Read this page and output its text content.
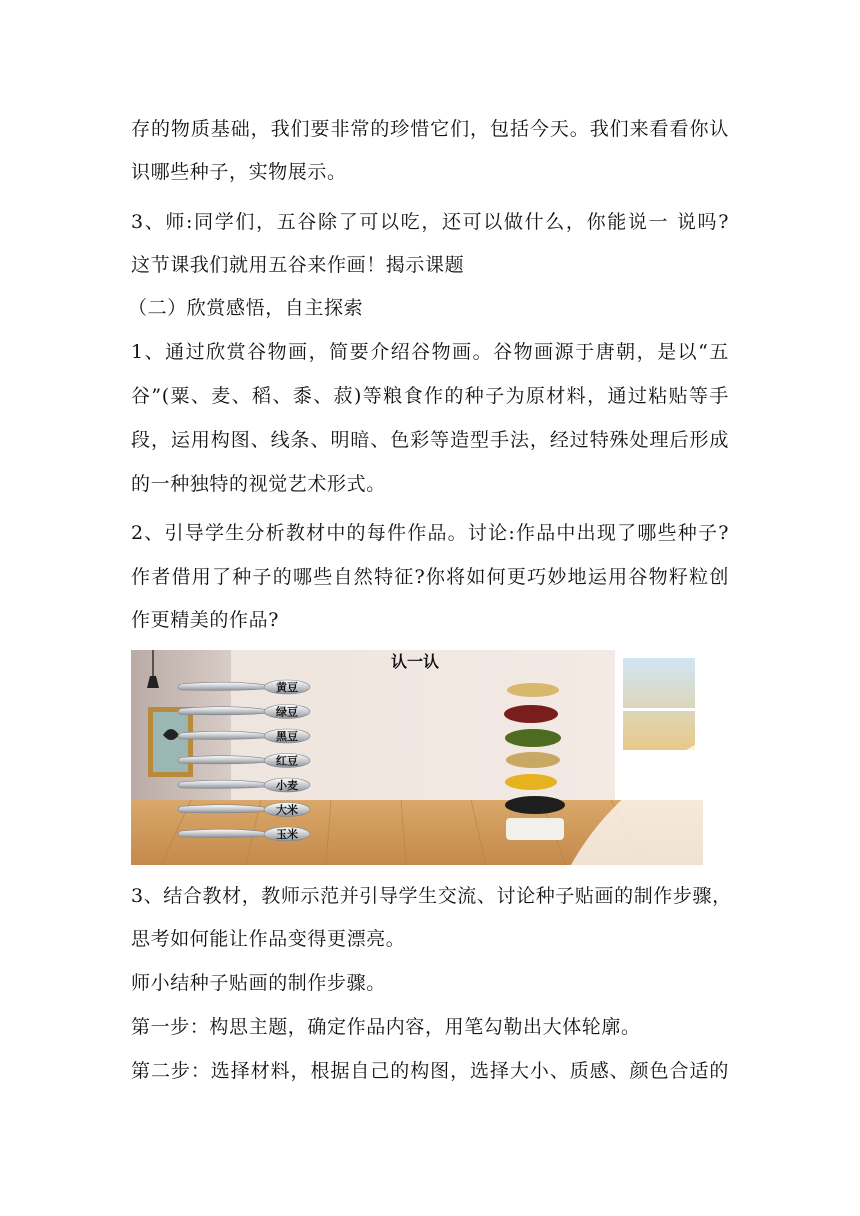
存的物质基础，我们要非常的珍惜它们，包括今天。我们来看看你认
识哪些种子，实物展示。
3、师:同学们，五谷除了可以吃，还可以做什么，你能说一 说吗?
这节课我们就用五谷来作画！揭示课题
（二）欣赏感悟，自主探索
1、通过欣赏谷物画，简要介绍谷物画。谷物画源于唐朝，是以“五
谷”(粟、麦、稻、黍、菽)等粮食作的种子为原材料，通过粘贴等手
段，运用构图、线条、明暗、色彩等造型手法，经过特殊处理后形成
的一种独特的视觉艺术形式。
2、引导学生分析教材中的每件作品。讨论:作品中出现了哪些种子?
作者借用了种子的哪些自然特征?你将如何更巧妙地运用谷物籽粒创
作更精美的作品?
认一认
黄豆
绿豆
黑豆
红豆
小麦
大米
玉米
3、结合教材，教师示范并引导学生交流、讨论种子贴画的制作步骤，
思考如何能让作品变得更漂亮。
师小结种子贴画的制作步骤。
第一步：构思主题，确定作品内容，用笔勾勒出大体轮廓。
第二步：选择材料，根据自己的构图，选择大小、质感、颜色合适的
